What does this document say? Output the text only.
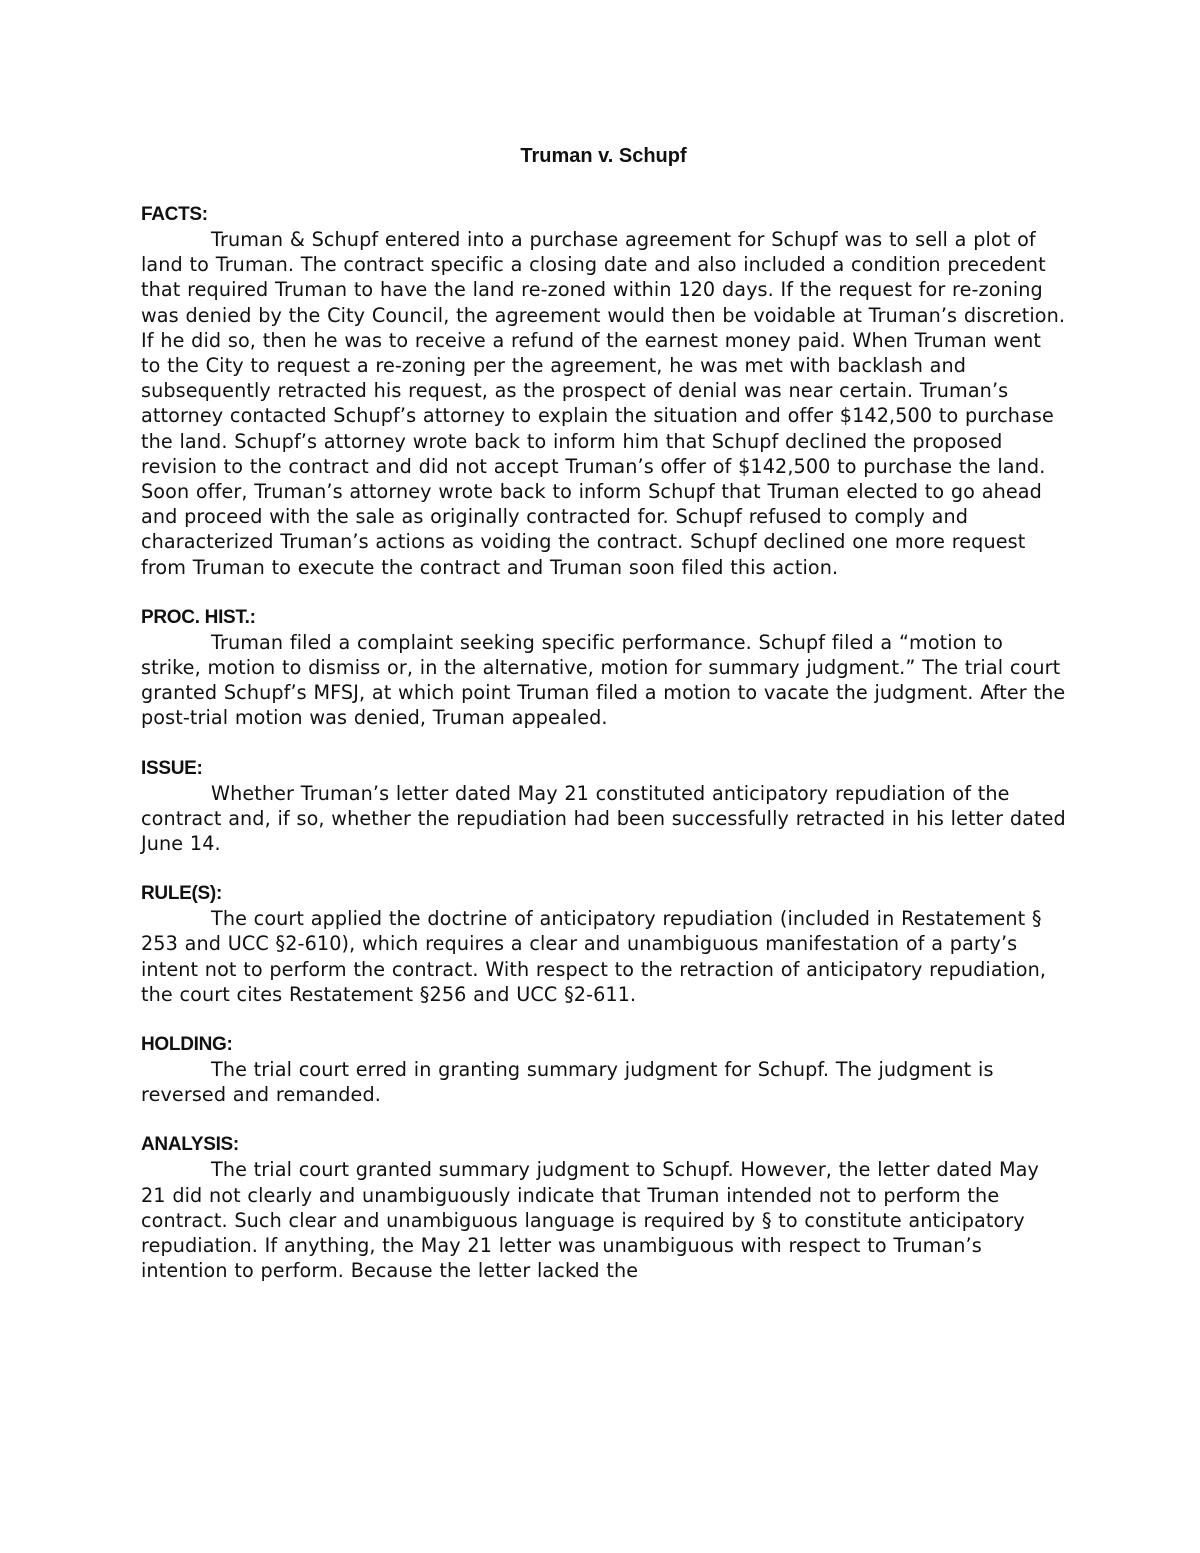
Truman v. Schupf

FACTS:

Truman & Schupf entered into a purchase agreement for Schupf was to sell a plot of land to Truman. The contract specific a closing date and also included a condition precedent that required Truman to have the land re-zoned within 120 days. If the request for re-zoning was denied by the City Council, the agreement would then be voidable at Truman’s discretion. If he did so, then he was to receive a refund of the earnest money paid. When Truman went to the City to request a re-zoning per the agreement, he was met with backlash and subsequently retracted his request, as the prospect of denial was near certain. Truman’s attorney contacted Schupf’s attorney to explain the situation and offer $142,500 to purchase the land. Schupf’s attorney wrote back to inform him that Schupf declined the proposed revision to the contract and did not accept Truman’s offer of $142,500 to purchase the land. Soon offer, Truman’s attorney wrote back to inform Schupf that Truman elected to go ahead and proceed with the sale as originally contracted for. Schupf refused to comply and characterized Truman’s actions as voiding the contract. Schupf declined one more request from Truman to execute the contract and Truman soon filed this action.

PROC. HIST.:

Truman filed a complaint seeking specific performance. Schupf filed a “motion to strike, motion to dismiss or, in the alternative, motion for summary judgment.” The trial court granted Schupf’s MFSJ, at which point Truman filed a motion to vacate the judgment. After the post-trial motion was denied, Truman appealed.

ISSUE:

Whether Truman’s letter dated May 21 constituted anticipatory repudiation of the contract and, if so, whether the repudiation had been successfully retracted in his letter dated June 14.

RULE(S):

The court applied the doctrine of anticipatory repudiation (included in Restatement § 253 and UCC §2-610), which requires a clear and unambiguous manifestation of a party’s intent not to perform the contract. With respect to the retraction of anticipatory repudiation, the court cites Restatement §256 and UCC §2-611.

HOLDING:

The trial court erred in granting summary judgment for Schupf. The judgment is reversed and remanded.

ANALYSIS:

The trial court granted summary judgment to Schupf. However, the letter dated May 21 did not clearly and unambiguously indicate that Truman intended not to perform the contract. Such clear and unambiguous language is required by § to constitute anticipatory repudiation. If anything, the May 21 letter was unambiguous with respect to Truman’s intention to perform. Because the letter lacked the
